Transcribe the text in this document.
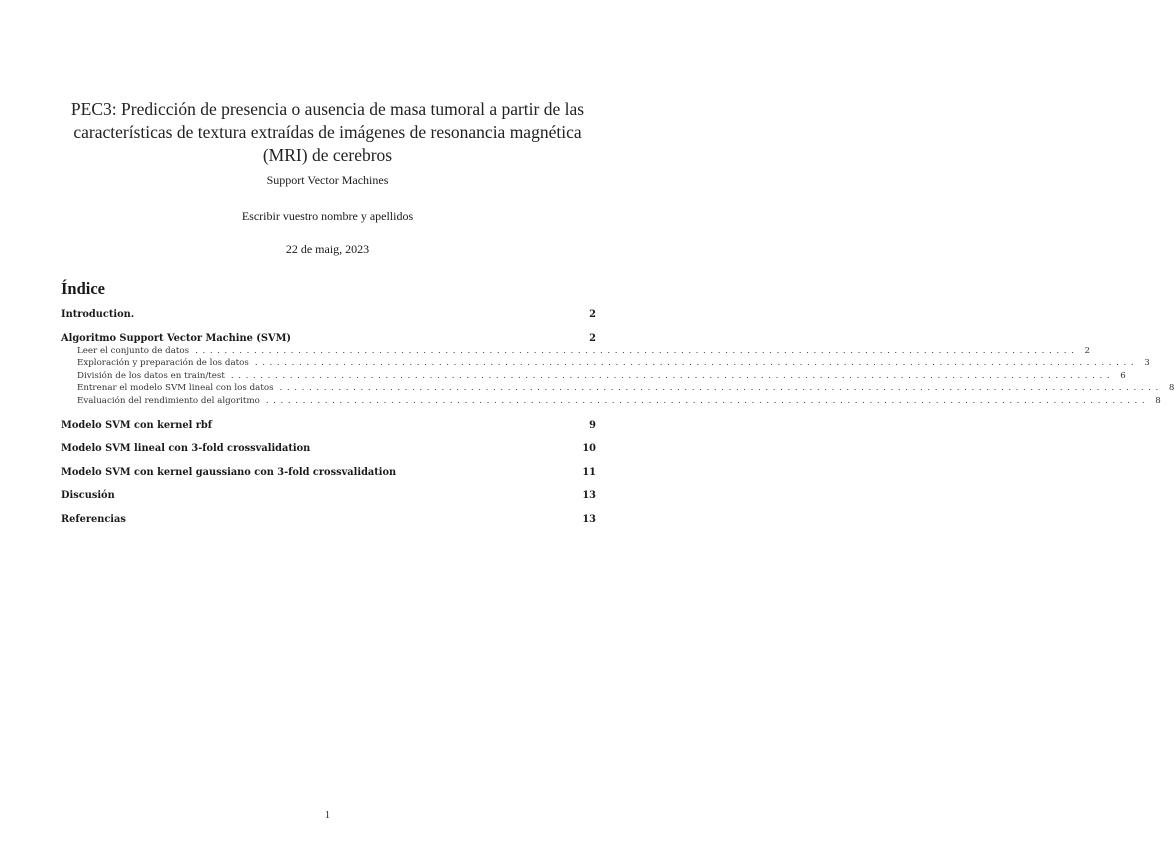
PEC3: Predicción de presencia o ausencia de masa tumoral a partir de las características de textura extraídas de imágenes de resonancia magnética (MRI) de cerebros
Support Vector Machines
Escribir vuestro nombre y apellidos
22 de maig, 2023
Índice
Introduction.	2
Algoritmo Support Vector Machine (SVM)	2
Leer el conjunto de datos ........................................................................................................................ 2
Exploración y preparación de los datos ........................................................................................................................ 3
División de los datos en train/test ........................................................................................................................ 6
Entrenar el modelo SVM lineal con los datos ........................................................................................................................ 8
Evaluación del rendimiento del algoritmo ........................................................................................................................ 8
Modelo SVM con kernel rbf	9
Modelo SVM lineal con 3-fold crossvalidation	10
Modelo SVM con kernel gaussiano con 3-fold crossvalidation	11
Discusión	13
Referencias	13
1
